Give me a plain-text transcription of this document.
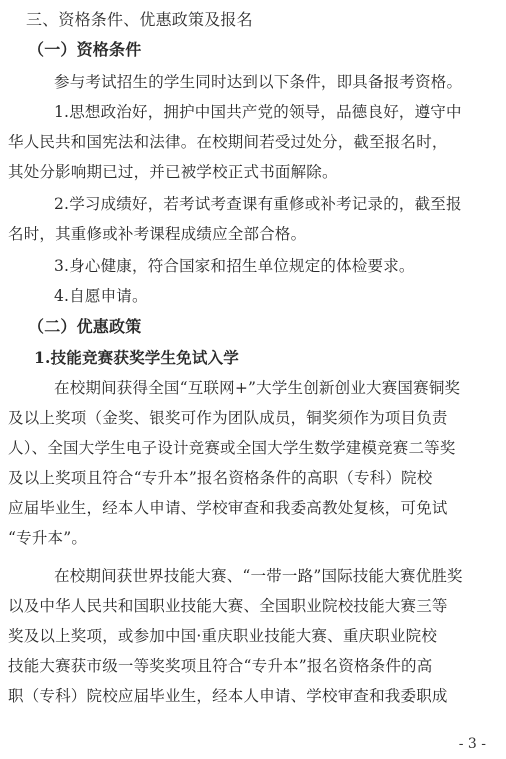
三、资格条件、优惠政策及报名
（一）资格条件
参与考试招生的学生同时达到以下条件，即具备报考资格。
1.思想政治好，拥护中国共产党的领导，品德良好，遵守中
华人民共和国宪法和法律。在校期间若受过处分，截至报名时，
其处分影响期已过，并已被学校正式书面解除。
2.学习成绩好，若考试考查课有重修或补考记录的，截至报
名时，其重修或补考课程成绩应全部合格。
3.身心健康，符合国家和招生单位规定的体检要求。
4.自愿申请。
（二）优惠政策
1.技能竞赛获奖学生免试入学
在校期间获得全国“互联网+”大学生创新创业大赛国赛铜奖
及以上奖项（金奖、银奖可作为团队成员，铜奖须作为项目负责
人）、全国大学生电子设计竞赛或全国大学生数学建模竞赛二等奖
及以上奖项且符合“专升本”报名资格条件的高职（专科）院校
应届毕业生，经本人申请、学校审查和我委高教处复核，可免试
“专升本”。
在校期间获世界技能大赛、“一带一路”国际技能大赛优胜奖
以及中华人民共和国职业技能大赛、全国职业院校技能大赛三等
奖及以上奖项，或参加中国·重庆职业技能大赛、重庆职业院校
技能大赛获市级一等奖奖项且符合“专升本”报名资格条件的高
职（专科）院校应届毕业生，经本人申请、学校审查和我委职成
- 3 -
